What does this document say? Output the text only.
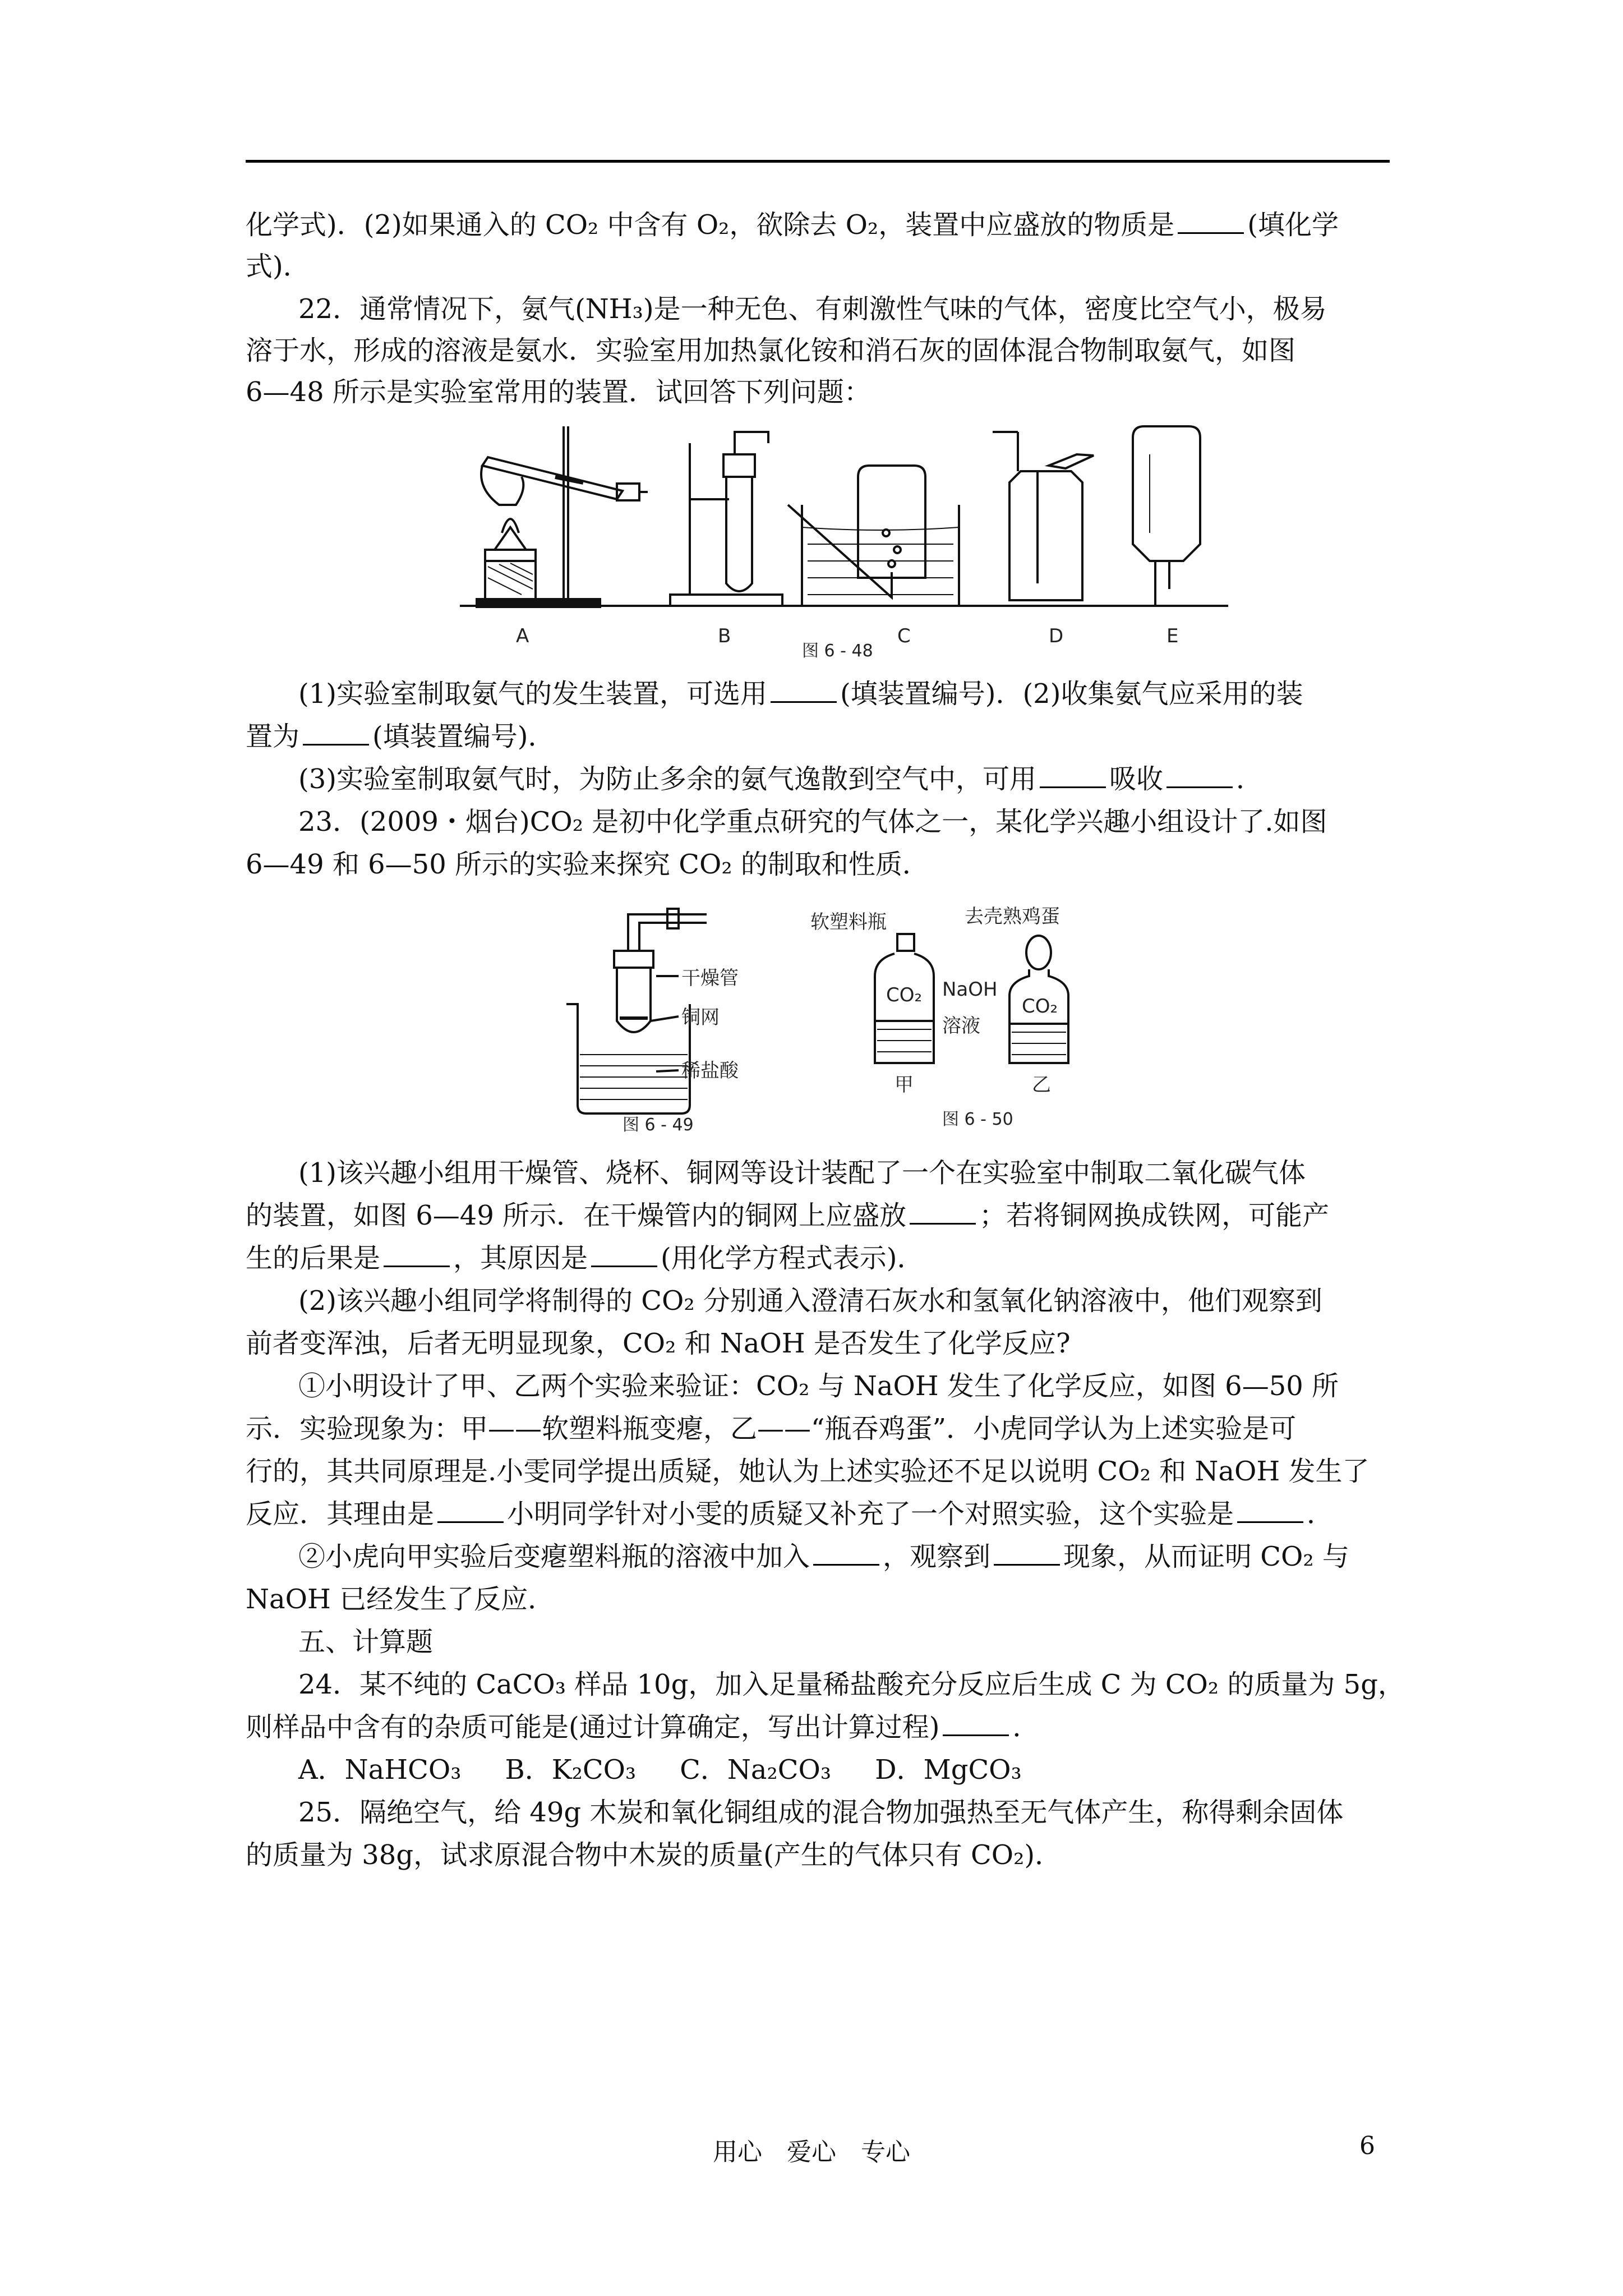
化学式)．(2)如果通入的 CO₂ 中含有 O₂，欲除去 O₂，装置中应盛放的物质是	(填化学
式)．
22．通常情况下，氨气(NH₃)是一种无色、有刺激性气味的气体，密度比空气小，极易
溶于水，形成的溶液是氨水．实验室用加热氯化铵和消石灰的固体混合物制取氨气，如图
6—48 所示是实验室常用的装置．试回答下列问题：
A	B	C	D	E
图 6 - 48
(1)实验室制取氨气的发生装置，可选用	(填装置编号)．(2)收集氨气应采用的装
置为	(填装置编号)．
(3)实验室制取氨气时，为防止多余的氨气逸散到空气中，可用	吸收	．
23．(2009・烟台)CO₂ 是初中化学重点研究的气体之一，某化学兴趣小组设计了.如图
6—49 和 6—50 所示的实验来探究 CO₂ 的制取和性质．
干燥管
铜网
稀盐酸
图 6 - 49
软塑料瓶	去壳熟鸡蛋
CO₂ NaOH
溶液
CO₂
甲	乙
图 6 - 50
(1)该兴趣小组用干燥管、烧杯、铜网等设计装配了一个在实验室中制取二氧化碳气体
的装置，如图 6—49 所示．在干燥管内的铜网上应盛放	；若将铜网换成铁网，可能产
生的后果是	，其原因是	(用化学方程式表示)．
(2)该兴趣小组同学将制得的 CO₂ 分别通入澄清石灰水和氢氧化钠溶液中，他们观察到
前者变浑浊，后者无明显现象，CO₂ 和 NaOH 是否发生了化学反应?
①小明设计了甲、乙两个实验来验证：CO₂ 与 NaOH 发生了化学反应，如图 6—50 所
示．实验现象为：甲——软塑料瓶变瘪，乙——“瓶吞鸡蛋”．小虎同学认为上述实验是可
行的，其共同原理是.小雯同学提出质疑，她认为上述实验还不足以说明 CO₂ 和 NaOH 发生了
反应．其理由是	小明同学针对小雯的质疑又补充了一个对照实验，这个实验是	．
②小虎向甲实验后变瘪塑料瓶的溶液中加入	，观察到	现象，从而证明 CO₂ 与
NaOH 已经发生了反应．
五、计算题
24．某不纯的 CaCO₃ 样品 10g，加入足量稀盐酸充分反应后生成 C 为 CO₂ 的质量为 5g，
则样品中含有的杂质可能是(通过计算确定，写出计算过程)	．
A．NaHCO₃ B．K₂CO₃ C．Na₂CO₃ D．MgCO₃
25．隔绝空气，给 49g 木炭和氧化铜组成的混合物加强热至无气体产生，称得剩余固体
的质量为 38g，试求原混合物中木炭的质量(产生的气体只有 CO₂)．
用心　爱心　专心	6
